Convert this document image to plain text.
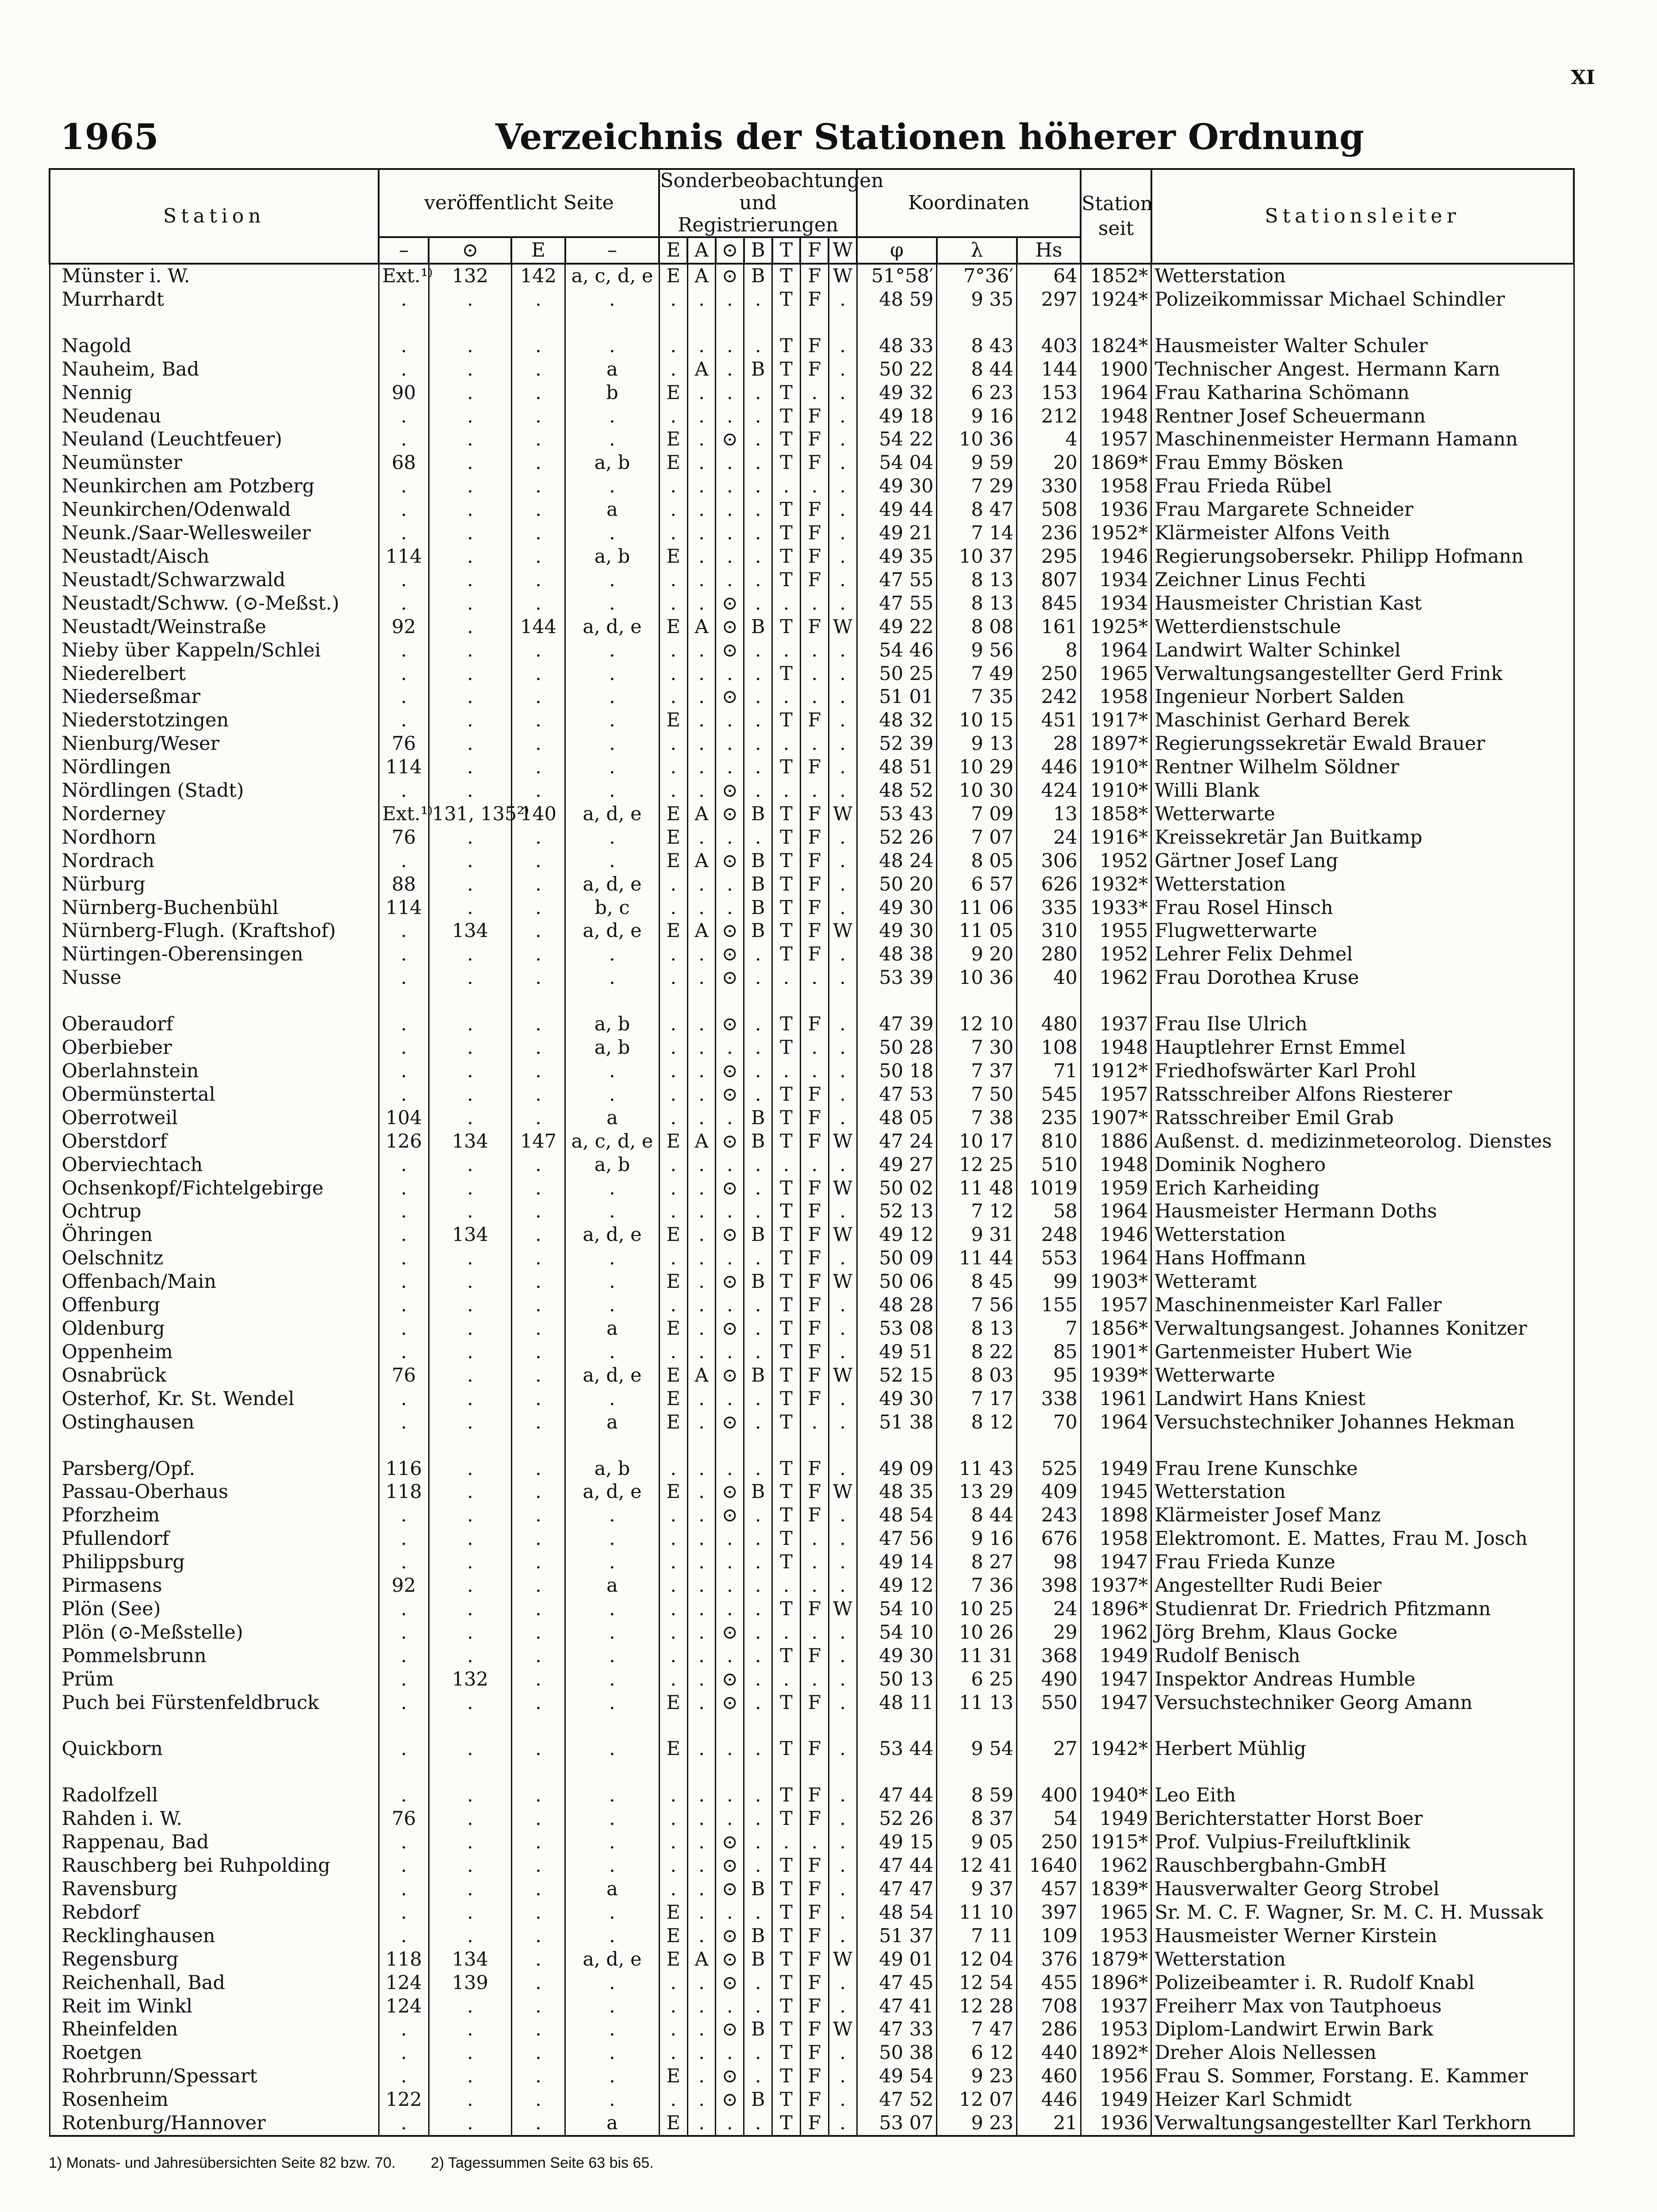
XI
1965	Verzeichnis der Stationen höherer Ordnung
Station	veröffentlicht Seite				Sonderbeobachtungen und Registrierungen							Koordinaten			Station seit	Stationsleiter
	–	⊙	E	–	E	A	⊙	B	T	F	W	φ	λ	Hs		
Münster i. W.	Ext.¹⁾	132	142	a, c, d, e	E	A	⊙	B	T	F	W	51°58′	7°36′	64	1852*	Wetterstation
Murrhardt	.	.	.	.	.	.	.	.	T	F	.	48 59	9 35	297	1924*	Polizeikommissar Michael Schindler

Nagold	.	.	.	.	.	.	.	.	T	F	.	48 33	8 43	403	1824*	Hausmeister Walter Schuler
Nauheim, Bad	.	.	.	a	.	A	.	B	T	F	.	50 22	8 44	144	1900	Technischer Angest. Hermann Karn
Nennig	90	.	.	b	E	.	.	.	T	.	.	49 32	6 23	153	1964	Frau Katharina Schömann
Neudenau	.	.	.	.	.	.	.	.	T	F	.	49 18	9 16	212	1948	Rentner Josef Scheuermann
Neuland (Leuchtfeuer)	.	.	.	.	E	.	⊙	.	T	F	.	54 22	10 36	4	1957	Maschinenmeister Hermann Hamann
Neumünster	68	.	.	a, b	E	.	.	.	T	F	.	54 04	9 59	20	1869*	Frau Emmy Bösken
Neunkirchen am Potzberg	.	.	.	.	.	.	.	.	.	.	.	49 30	7 29	330	1958	Frau Frieda Rübel
Neunkirchen/Odenwald	.	.	.	a	.	.	.	.	T	F	.	49 44	8 47	508	1936	Frau Margarete Schneider
Neunk./Saar-Wellesweiler	.	.	.	.	.	.	.	.	T	F	.	49 21	7 14	236	1952*	Klärmeister Alfons Veith
Neustadt/Aisch	114	.	.	a, b	E	.	.	.	T	F	.	49 35	10 37	295	1946	Regierungsobersekr. Philipp Hofmann
Neustadt/Schwarzwald	.	.	.	.	.	.	.	.	T	F	.	47 55	8 13	807	1934	Zeichner Linus Fechti
Neustadt/Schww. (⊙-Meßst.)	.	.	.	.	.	.	⊙	.	.	.	.	47 55	8 13	845	1934	Hausmeister Christian Kast
Neustadt/Weinstraße	92	.	144	a, d, e	E	A	⊙	B	T	F	W	49 22	8 08	161	1925*	Wetterdienstschule
Nieby über Kappeln/Schlei	.	.	.	.	.	.	⊙	.	.	.	.	54 46	9 56	8	1964	Landwirt Walter Schinkel
Niederelbert	.	.	.	.	.	.	.	.	T	.	.	50 25	7 49	250	1965	Verwaltungsangestellter Gerd Frink
Niederseßmar	.	.	.	.	.	.	⊙	.	.	.	.	51 01	7 35	242	1958	Ingenieur Norbert Salden
Niederstotzingen	.	.	.	.	E	.	.	.	T	F	.	48 32	10 15	451	1917*	Maschinist Gerhard Berek
Nienburg/Weser	76	.	.	.	.	.	.	.	.	.	.	52 39	9 13	28	1897*	Regierungssekretär Ewald Brauer
Nördlingen	114	.	.	.	.	.	.	.	T	F	.	48 51	10 29	446	1910*	Rentner Wilhelm Söldner
Nördlingen (Stadt)	.	.	.	.	.	.	⊙	.	.	.	.	48 52	10 30	424	1910*	Willi Blank
Norderney	Ext.¹⁾	131, 135²⁾	140	a, d, e	E	A	⊙	B	T	F	W	53 43	7 09	13	1858*	Wetterwarte
Nordhorn	76	.	.	.	E	.	.	.	T	F	.	52 26	7 07	24	1916*	Kreissekretär Jan Buitkamp
Nordrach	.	.	.	.	E	A	⊙	B	T	F	.	48 24	8 05	306	1952	Gärtner Josef Lang
Nürburg	88	.	.	a, d, e	.	.	.	B	T	F	.	50 20	6 57	626	1932*	Wetterstation
Nürnberg-Buchenbühl	114	.	.	b, c	.	.	.	B	T	F	.	49 30	11 06	335	1933*	Frau Rosel Hinsch
Nürnberg-Flugh. (Kraftshof)	.	134	.	a, d, e	E	A	⊙	B	T	F	W	49 30	11 05	310	1955	Flugwetterwarte
Nürtingen-Oberensingen	.	.	.	.	.	.	⊙	.	T	F	.	48 38	9 20	280	1952	Lehrer Felix Dehmel
Nusse	.	.	.	.	.	.	⊙	.	.	.	.	53 39	10 36	40	1962	Frau Dorothea Kruse

Oberaudorf	.	.	.	a, b	.	.	⊙	.	T	F	.	47 39	12 10	480	1937	Frau Ilse Ulrich
Oberbieber	.	.	.	a, b	.	.	.	.	T	.	.	50 28	7 30	108	1948	Hauptlehrer Ernst Emmel
Oberlahnstein	.	.	.	.	.	.	⊙	.	.	.	.	50 18	7 37	71	1912*	Friedhofswärter Karl Prohl
Obermünstertal	.	.	.	.	.	.	⊙	.	T	F	.	47 53	7 50	545	1957	Ratsschreiber Alfons Riesterer
Oberrotweil	104	.	.	a	.	.	.	B	T	F	.	48 05	7 38	235	1907*	Ratsschreiber Emil Grab
Oberstdorf	126	134	147	a, c, d, e	E	A	⊙	B	T	F	W	47 24	10 17	810	1886	Außenst. d. medizinmeteorolog. Dienstes
Oberviechtach	.	.	.	a, b	.	.	.	.	.	.	.	49 27	12 25	510	1948	Dominik Noghero
Ochsenkopf/Fichtelgebirge	.	.	.	.	.	.	⊙	.	T	F	W	50 02	11 48	1019	1959	Erich Karheiding
Ochtrup	.	.	.	.	.	.	.	.	T	F	.	52 13	7 12	58	1964	Hausmeister Hermann Doths
Öhringen	.	134	.	a, d, e	E	.	⊙	B	T	F	W	49 12	9 31	248	1946	Wetterstation
Oelschnitz	.	.	.	.	.	.	.	.	T	F	.	50 09	11 44	553	1964	Hans Hoffmann
Offenbach/Main	.	.	.	.	E	.	⊙	B	T	F	W	50 06	8 45	99	1903*	Wetteramt
Offenburg	.	.	.	.	.	.	.	.	T	F	.	48 28	7 56	155	1957	Maschinenmeister Karl Faller
Oldenburg	.	.	.	a	E	.	⊙	.	T	F	.	53 08	8 13	7	1856*	Verwaltungsangest. Johannes Konitzer
Oppenheim	.	.	.	.	.	.	.	.	T	F	.	49 51	8 22	85	1901*	Gartenmeister Hubert Wie
Osnabrück	76	.	.	a, d, e	E	A	⊙	B	T	F	W	52 15	8 03	95	1939*	Wetterwarte
Osterhof, Kr. St. Wendel	.	.	.	.	E	.	.	.	T	F	.	49 30	7 17	338	1961	Landwirt Hans Kniest
Ostinghausen	.	.	.	a	E	.	⊙	.	T	.	.	51 38	8 12	70	1964	Versuchstechniker Johannes Hekman

Parsberg/Opf.	116	.	.	a, b	.	.	.	.	T	F	.	49 09	11 43	525	1949	Frau Irene Kunschke
Passau-Oberhaus	118	.	.	a, d, e	E	.	⊙	B	T	F	W	48 35	13 29	409	1945	Wetterstation
Pforzheim	.	.	.	.	.	.	⊙	.	T	F	.	48 54	8 44	243	1898	Klärmeister Josef Manz
Pfullendorf	.	.	.	.	.	.	.	.	T	.	.	47 56	9 16	676	1958	Elektromont. E. Mattes, Frau M. Josch
Philippsburg	.	.	.	.	.	.	.	.	T	.	.	49 14	8 27	98	1947	Frau Frieda Kunze
Pirmasens	92	.	.	a	.	.	.	.	.	.	.	49 12	7 36	398	1937*	Angestellter Rudi Beier
Plön (See)	.	.	.	.	.	.	.	.	T	F	W	54 10	10 25	24	1896*	Studienrat Dr. Friedrich Pfitzmann
Plön (⊙-Meßstelle)	.	.	.	.	.	.	⊙	.	.	.	.	54 10	10 26	29	1962	Jörg Brehm, Klaus Gocke
Pommelsbrunn	.	.	.	.	.	.	.	.	T	F	.	49 30	11 31	368	1949	Rudolf Benisch
Prüm	.	132	.	.	.	.	⊙	.	.	.	.	50 13	6 25	490	1947	Inspektor Andreas Humble
Puch bei Fürstenfeldbruck	.	.	.	.	E	.	⊙	.	T	F	.	48 11	11 13	550	1947	Versuchstechniker Georg Amann

Quickborn	.	.	.	.	E	.	.	.	T	F	.	53 44	9 54	27	1942*	Herbert Mühlig

Radolfzell	.	.	.	.	.	.	.	.	T	F	.	47 44	8 59	400	1940*	Leo Eith
Rahden i. W.	76	.	.	.	.	.	.	.	T	F	.	52 26	8 37	54	1949	Berichterstatter Horst Boer
Rappenau, Bad	.	.	.	.	.	.	⊙	.	.	.	.	49 15	9 05	250	1915*	Prof. Vulpius-Freiluftklinik
Rauschberg bei Ruhpolding	.	.	.	.	.	.	⊙	.	T	F	.	47 44	12 41	1640	1962	Rauschbergbahn-GmbH
Ravensburg	.	.	.	a	.	.	⊙	B	T	F	.	47 47	9 37	457	1839*	Hausverwalter Georg Strobel
Rebdorf	.	.	.	.	E	.	.	.	T	F	.	48 54	11 10	397	1965	Sr. M. C. F. Wagner, Sr. M. C. H. Mussak
Recklinghausen	.	.	.	.	E	.	⊙	B	T	F	.	51 37	7 11	109	1953	Hausmeister Werner Kirstein
Regensburg	118	134	.	a, d, e	E	A	⊙	B	T	F	W	49 01	12 04	376	1879*	Wetterstation
Reichenhall, Bad	124	139	.	.	.	.	⊙	.	T	F	.	47 45	12 54	455	1896*	Polizeibeamter i. R. Rudolf Knabl
Reit im Winkl	124	.	.	.	.	.	.	.	T	F	.	47 41	12 28	708	1937	Freiherr Max von Tautphoeus
Rheinfelden	.	.	.	.	.	.	⊙	B	T	F	W	47 33	7 47	286	1953	Diplom-Landwirt Erwin Bark
Roetgen	.	.	.	.	.	.	.	.	T	F	.	50 38	6 12	440	1892*	Dreher Alois Nellessen
Rohrbrunn/Spessart	.	.	.	.	E	.	⊙	.	T	F	.	49 54	9 23	460	1956	Frau S. Sommer, Forstang. E. Kammer
Rosenheim	122	.	.	.	.	.	⊙	B	T	F	.	47 52	12 07	446	1949	Heizer Karl Schmidt
Rotenburg/Hannover	.	.	.	a	E	.	.	.	T	F	.	53 07	9 23	21	1936	Verwaltungsangestellter Karl Terkhorn
1) Monats- und Jahresübersichten Seite 82 bzw. 70. 2) Tagessummen Seite 63 bis 65.
